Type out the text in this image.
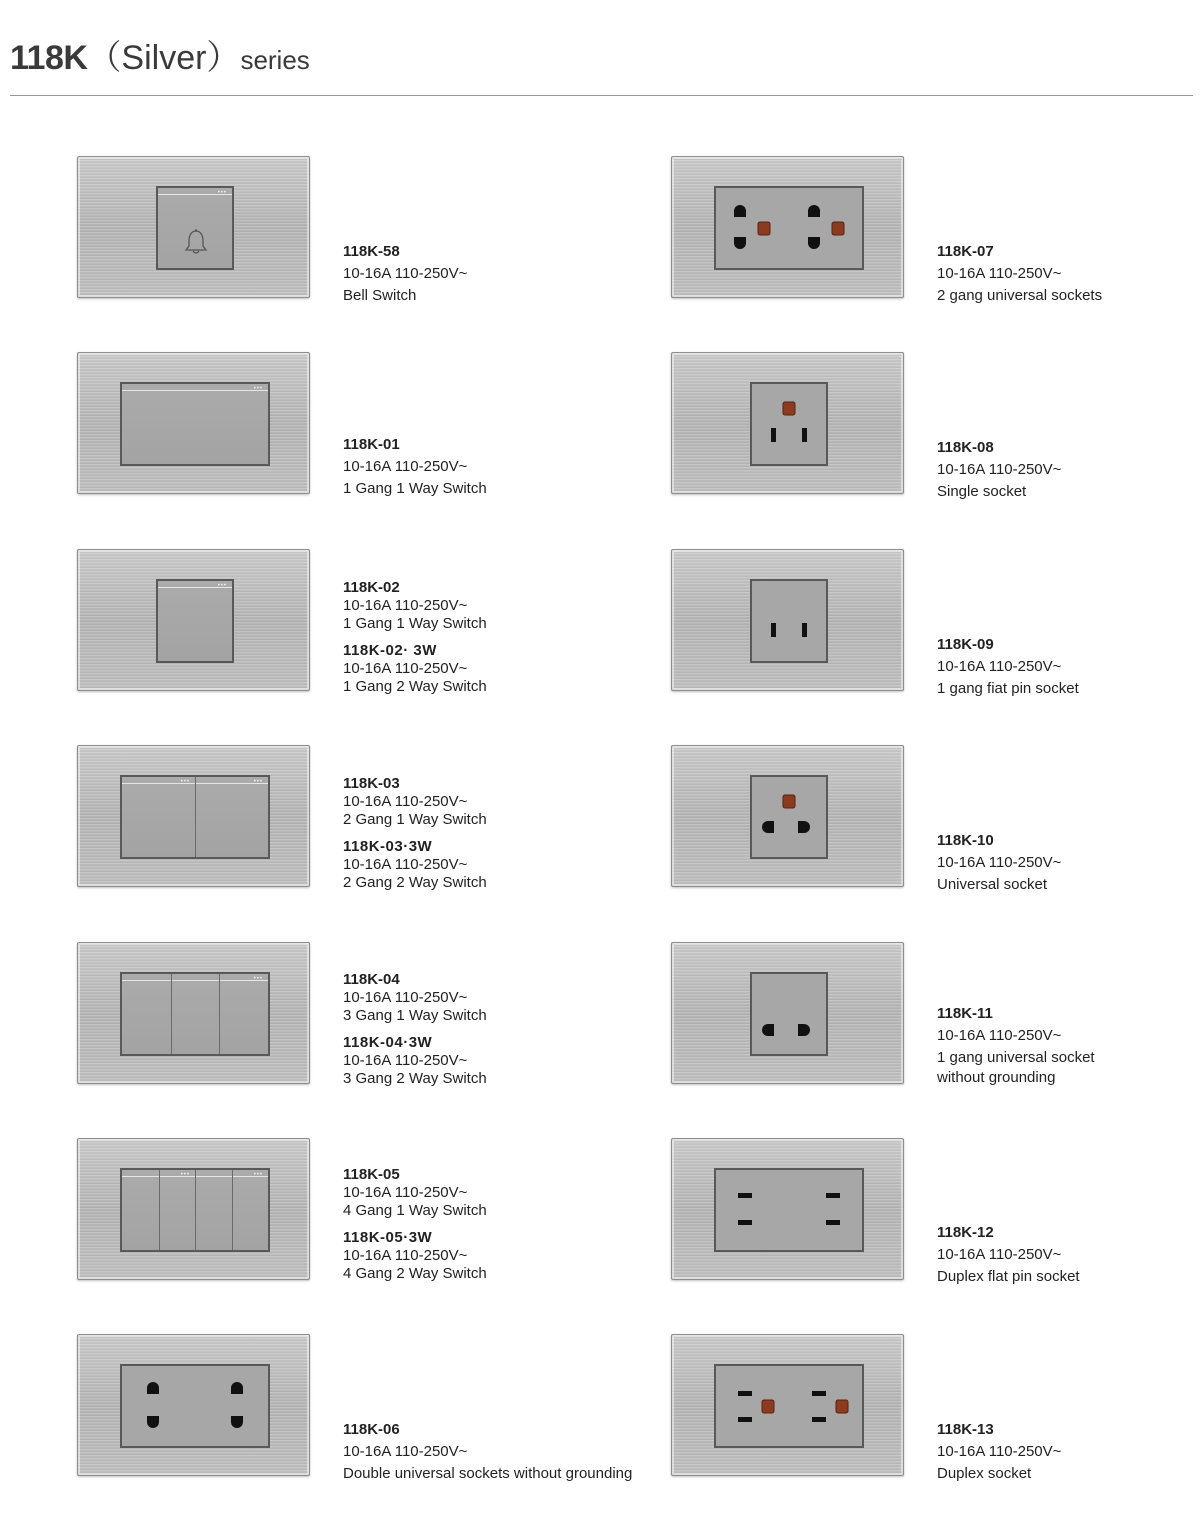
118K（Silver）series
•••
118K-58
10-16A 110-250V~
Bell Switch
•••
118K-01
10-16A 110-250V~
1 Gang 1 Way Switch
•••	118K-02
10-16A 110-250V~
1 Gang 1 Way Switch
118K-02· 3W
10-16A 110-250V~
1 Gang 2 Way Switch
•••	•••	118K-03
10-16A 110-250V~
2 Gang 1 Way Switch
118K-03·3W
10-16A 110-250V~
2 Gang 2 Way Switch
•••	118K-04
10-16A 110-250V~
3 Gang 1 Way Switch
118K-04·3W
10-16A 110-250V~
3 Gang 2 Way Switch
•••	•••	118K-05
10-16A 110-250V~
4 Gang 1 Way Switch
118K-05·3W
10-16A 110-250V~
4 Gang 2 Way Switch
118K-06
10-16A 110-250V~
Double universal sockets without grounding
118K-07
10-16A 110-250V~
2 gang universal sockets
118K-08
10-16A 110-250V~
Single socket
118K-09
10-16A 110-250V~
1 gang fiat pin socket
118K-10
10-16A 110-250V~
Universal socket
118K-11
10-16A 110-250V~
1 gang universal socket
without grounding
118K-12
10-16A 110-250V~
Duplex flat pin socket
118K-13
10-16A 110-250V~
Duplex socket
